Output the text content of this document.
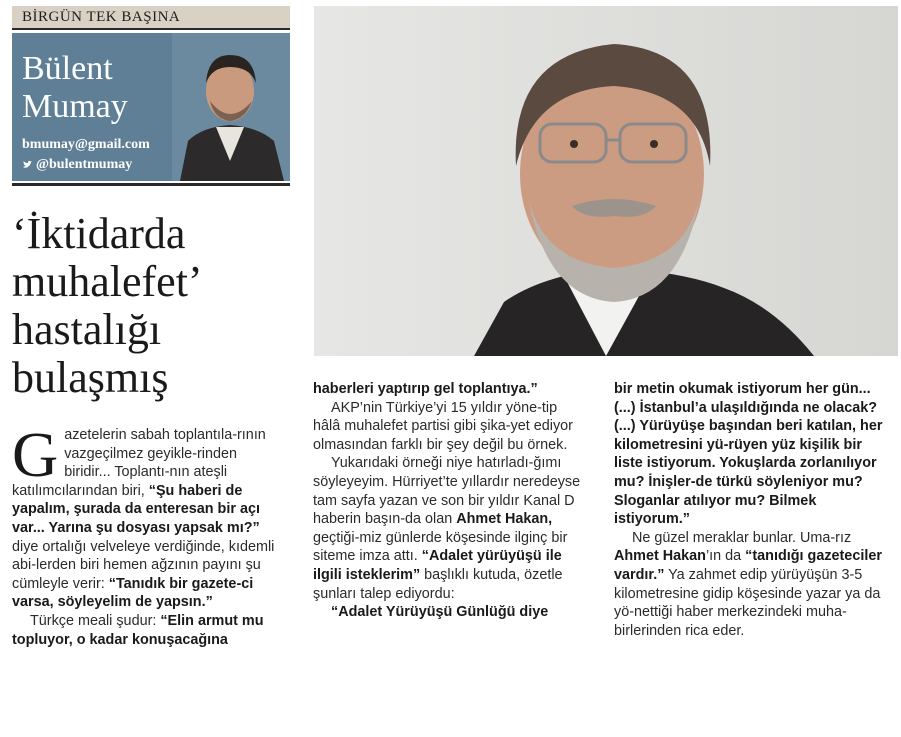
BİRGÜN TEK BAŞINA
Bülent
Mumay
bmumay@gmail.com
@bulentmumay
‘İktidarda
muhalefet’
hastalığı
bulaşmış

Gazetelerin sabah toplantıla-rının vazgeçilmez geyikle-rinden biridir... Toplantı-nın ateşli katılımcılarından biri, “Şu haberi de yapalım, şurada da enteresan bir açı var... Yarına şu dosyası yapsak mı?” diye ortalığı velveleye verdiğinde, kıdemli abi-lerden biri hemen ağzının payını şu cümleyle verir: “Tanıdık bir gazete-ci varsa, söyleyelim de yapsın.”

Türkçe meali şudur: “Elin armut mu topluyor, o kadar konuşacağına

haberleri yaptırıp gel toplantıya.”

AKP’nin Türkiye’yi 15 yıldır yöne-tip hâlâ muhalefet partisi gibi şika-yet ediyor olmasından farklı bir şey değil bu örnek.

Yukarıdaki örneği niye hatırladı-ğımı söyleyeyim. Hürriyet’te yıllardır neredeyse tam sayfa yazan ve son bir yıldır Kanal D haberin başın-da olan Ahmet Hakan, geçtiği-miz günlerde köşesinde ilginç bir siteme imza attı. “Adalet yürüyüşü ile ilgili isteklerim” başlıklı kutuda, özetle şunları talep ediyordu:

“Adalet Yürüyüşü Günlüğü diye

bir metin okumak istiyorum her gün... (...) İstanbul’a ulaşıldığında ne olacak? (...) Yürüyüşe başından beri katılan, her kilometresini yü-rüyen yüz kişilik bir liste istiyorum. Yokuşlarda zorlanılıyor mu? İnişler-de türkü söyleniyor mu? Sloganlar atılıyor mu? Bilmek istiyorum.”

Ne güzel meraklar bunlar. Uma-rız Ahmet Hakan’ın da “tanıdığı gazeteciler vardır.” Ya zahmet edip yürüyüşün 3-5 kilometresine gidip köşesinde yazar ya da yö-nettiği haber merkezindeki muha-birlerinden rica eder.
